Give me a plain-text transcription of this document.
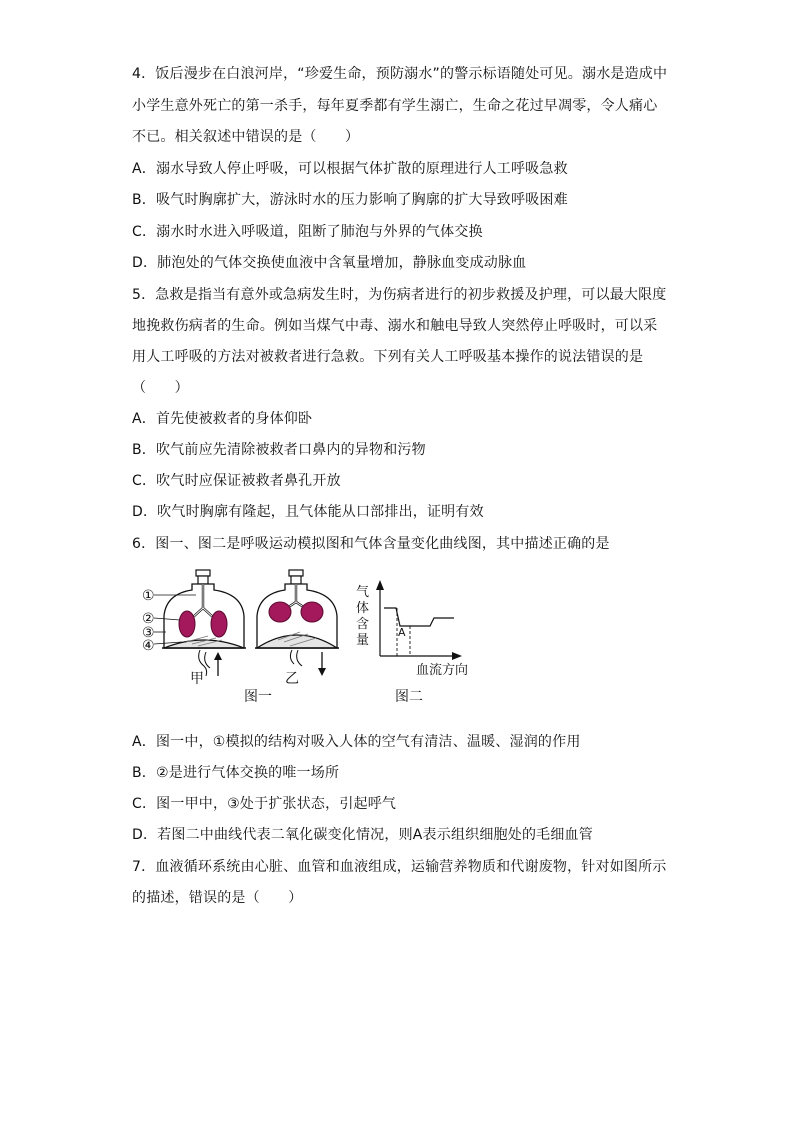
4．饭后漫步在白浪河岸，“珍爱生命，预防溺水”的警示标语随处可见。溺水是造成中
小学生意外死亡的第一杀手，每年夏季都有学生溺亡，生命之花过早凋零，令人痛心
不已。相关叙述中错误的是（　　）
A．溺水导致人停止呼吸，可以根据气体扩散的原理进行人工呼吸急救
B．吸气时胸廓扩大，游泳时水的压力影响了胸廓的扩大导致呼吸困难
C．溺水时水进入呼吸道，阻断了肺泡与外界的气体交换
D．肺泡处的气体交换使血液中含氧量增加，静脉血变成动脉血
5．急救是指当有意外或急病发生时，为伤病者进行的初步救援及护理，可以最大限度
地挽救伤病者的生命。例如当煤气中毒、溺水和触电导致人突然停止呼吸时，可以采
用人工呼吸的方法对被救者进行急救。下列有关人工呼吸基本操作的说法错误的是
（　　）
A．首先使被救者的身体仰卧
B．吹气前应先清除被救者口鼻内的异物和污物
C．吹气时应保证被救者鼻孔开放
D．吹气时胸廓有隆起，且气体能从口部排出，证明有效
6．图一、图二是呼吸运动模拟图和气体含量变化曲线图，其中描述正确的是
①
②
③
④
甲	乙
图一	图二
气
体
含
量
A
血流方向
A．图一中，①模拟的结构对吸入人体的空气有清洁、温暖、湿润的作用
B．②是进行气体交换的唯一场所
C．图一甲中，③处于扩张状态，引起呼气
D．若图二中曲线代表二氧化碳变化情况，则A表示组织细胞处的毛细血管
7．血液循环系统由心脏、血管和血液组成，运输营养物质和代谢废物，针对如图所示
的描述，错误的是（　　）
